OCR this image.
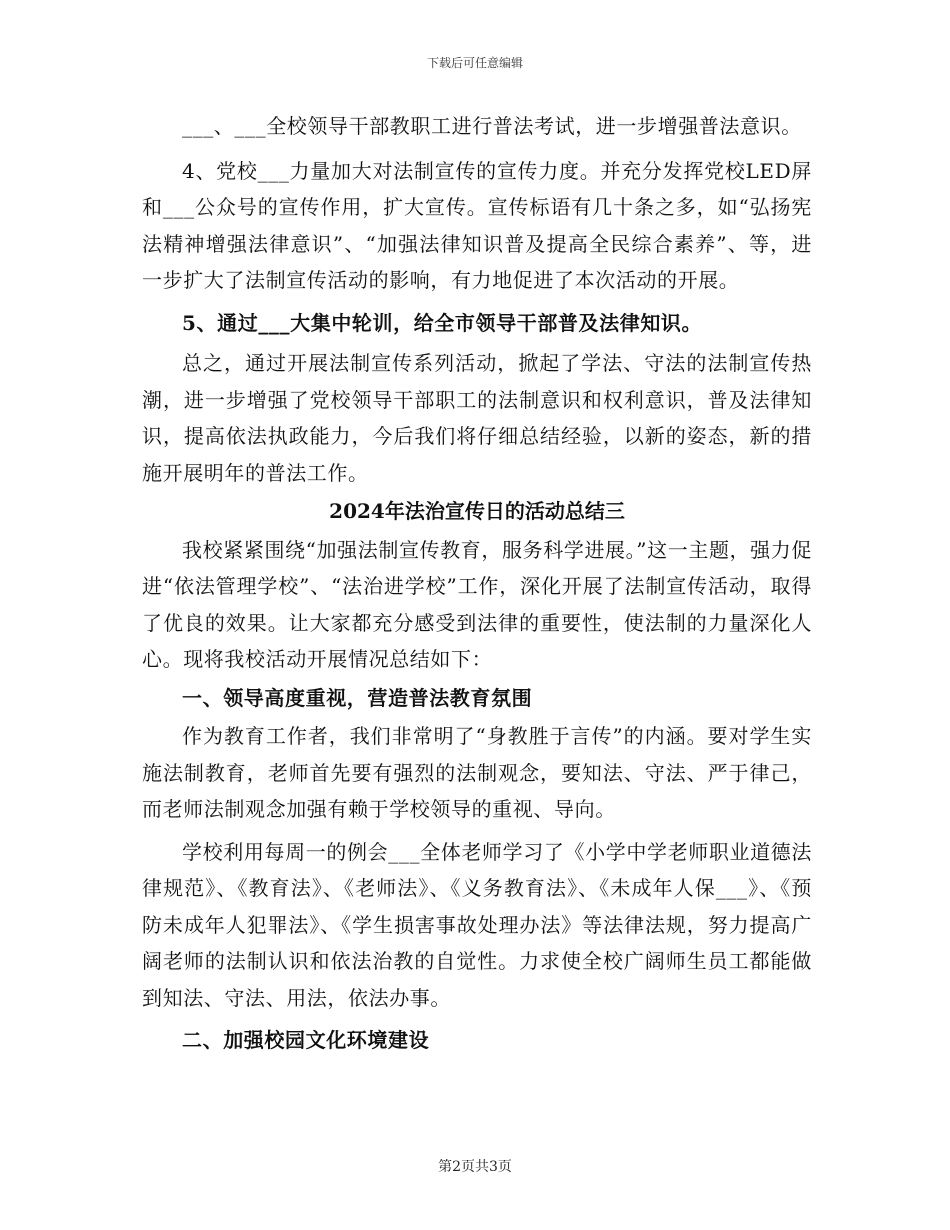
下载后可任意编辑

___、___全校领导干部教职工进行普法考试，进一步增强普法意识。

4、党校___力量加大对法制宣传的宣传力度。并充分发挥党校LED屏和___公众号的宣传作用，扩大宣传。宣传标语有几十条之多，如“弘扬宪法精神增强法律意识”、“加强法律知识普及提高全民综合素养”、等，进一步扩大了法制宣传活动的影响，有力地促进了本次活动的开展。

5、通过___大集中轮训，给全市领导干部普及法律知识。

总之，通过开展法制宣传系列活动，掀起了学法、守法的法制宣传热潮，进一步增强了党校领导干部职工的法制意识和权利意识，普及法律知识，提高依法执政能力，今后我们将仔细总结经验，以新的姿态，新的措施开展明年的普法工作。

2024年法治宣传日的活动总结三

我校紧紧围绕“加强法制宣传教育，服务科学进展。”这一主题，强力促进“依法管理学校”、“法治进学校”工作，深化开展了法制宣传活动，取得了优良的效果。让大家都充分感受到法律的重要性，使法制的力量深化人心。现将我校活动开展情况总结如下：

一、领导高度重视，营造普法教育氛围

作为教育工作者，我们非常明了“身教胜于言传”的内涵。要对学生实施法制教育，老师首先要有强烈的法制观念，要知法、守法、严于律己，而老师法制观念加强有赖于学校领导的重视、导向。

学校利用每周一的例会___全体老师学习了《小学中学老师职业道德法律规范》、《教育法》、《老师法》、《义务教育法》、《未成年人保___》、《预防未成年人犯罪法》、《学生损害事故处理办法》等法律法规，努力提高广阔老师的法制认识和依法治教的自觉性。力求使全校广阔师生员工都能做到知法、守法、用法，依法办事。

二、加强校园文化环境建设

第2页共3页
